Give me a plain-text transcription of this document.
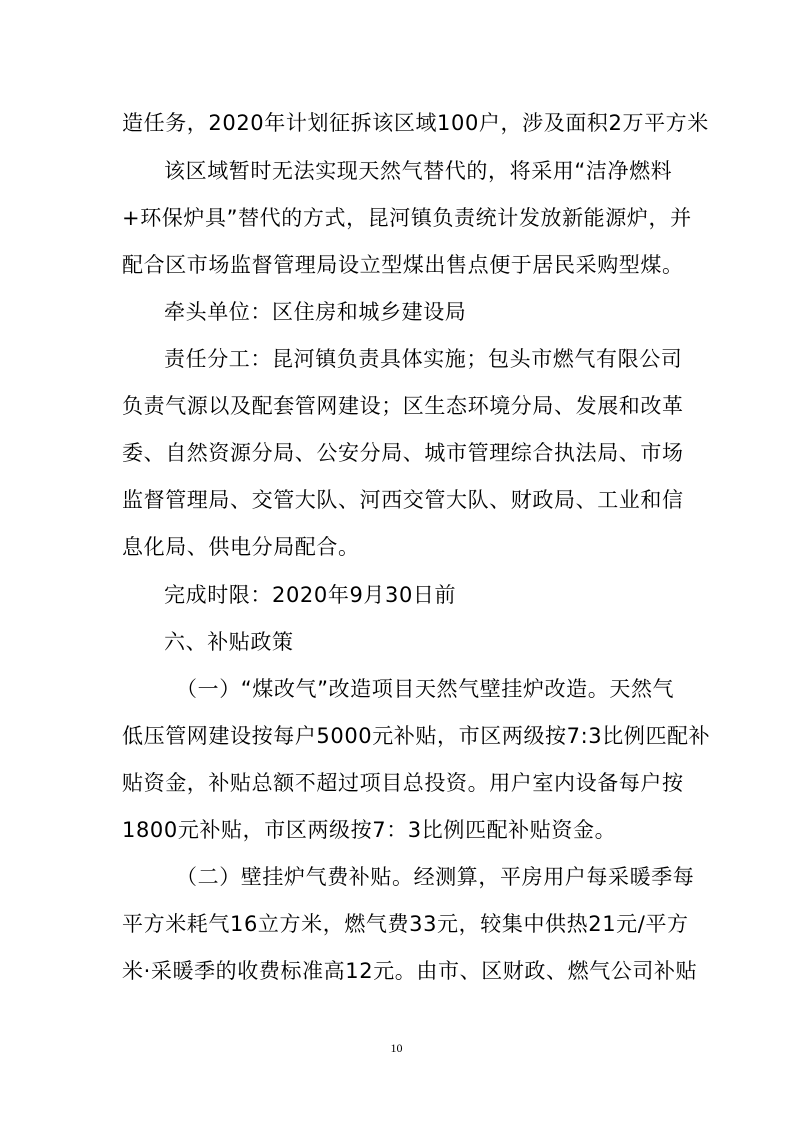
造任务，2020年计划征拆该区域100户，涉及面积2万平方米
该区域暂时无法实现天然气替代的，将采用“洁净燃料
+环保炉具”替代的方式，昆河镇负责统计发放新能源炉，并
配合区市场监督管理局设立型煤出售点便于居民采购型煤。
牵头单位：区住房和城乡建设局
责任分工：昆河镇负责具体实施；包头市燃气有限公司
负责气源以及配套管网建设；区生态环境分局、发展和改革
委、自然资源分局、公安分局、城市管理综合执法局、市场
监督管理局、交管大队、河西交管大队、财政局、工业和信
息化局、供电分局配合。
完成时限：2020年9月30日前
六、补贴政策
（一）“煤改气”改造项目天然气壁挂炉改造。天然气
低压管网建设按每户5000元补贴，市区两级按7:3比例匹配补
贴资金，补贴总额不超过项目总投资。用户室内设备每户按
1800元补贴，市区两级按7：3比例匹配补贴资金。
（二）壁挂炉气费补贴。经测算，平房用户每采暖季每
平方米耗气16立方米，燃气费33元，较集中供热21元/平方
米·采暖季的收费标准高12元。由市、区财政、燃气公司补贴
10
